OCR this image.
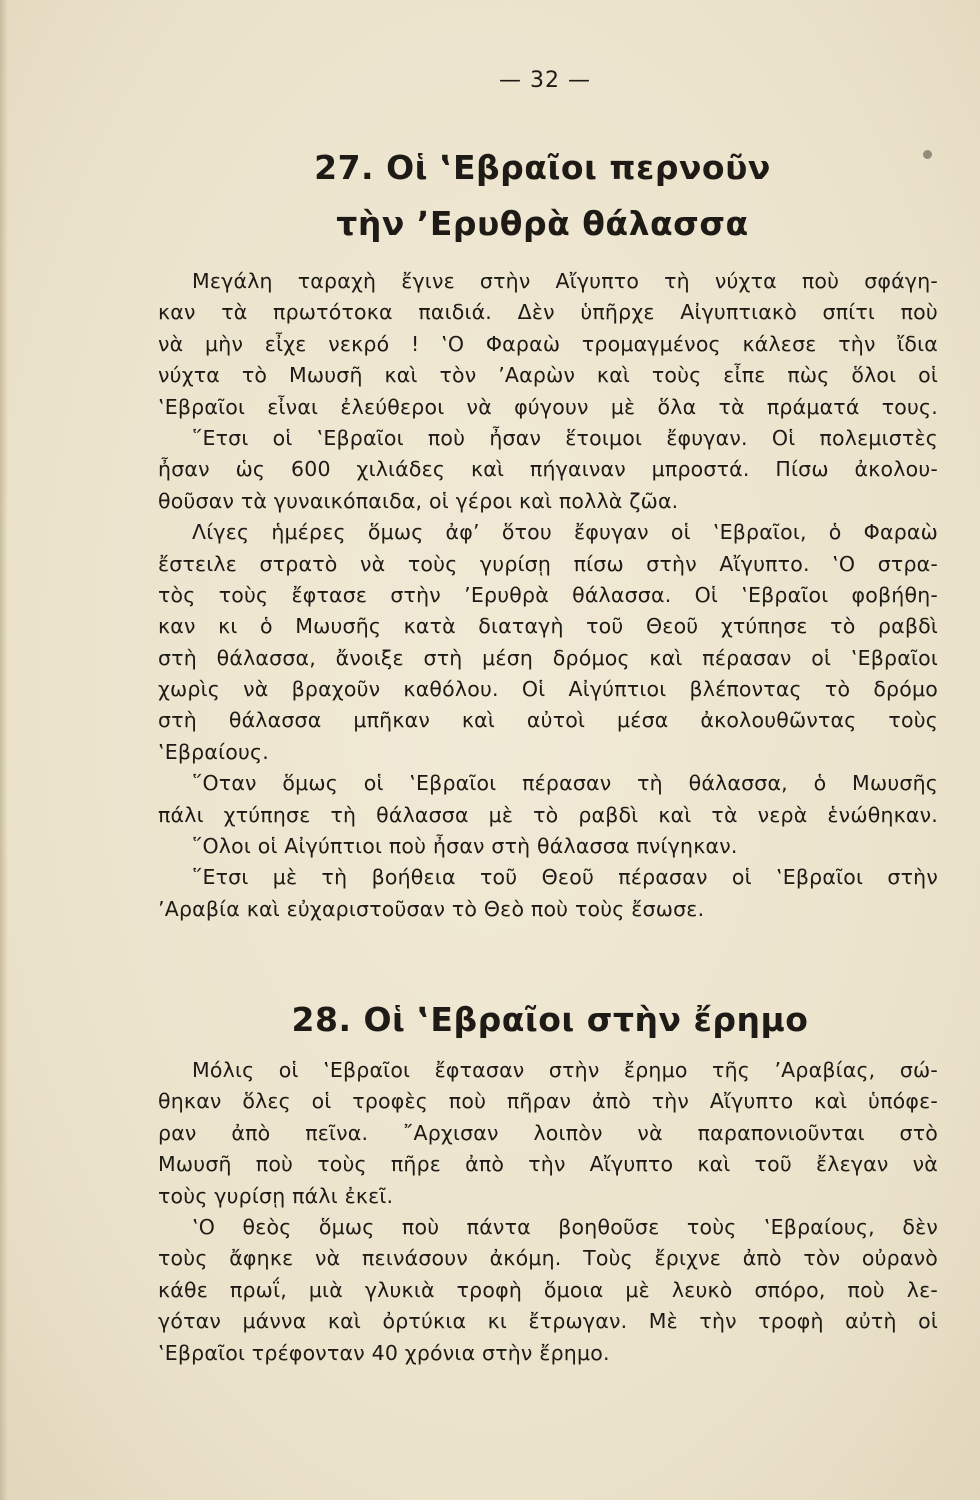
— 32 —
27. Οἱ ‛Εβραῖοι περνοῦν
τὴν ’Ερυθρὰ θάλασσα
Μεγάλη ταραχὴ ἔγινε στὴν Αἴγυπτο τὴ νύχτα ποὺ σφάγη-
καν τὰ πρωτότοκα παιδιά. Δὲν ὑπῆρχε Αἰγυπτιακὸ σπίτι ποὺ
νὰ μὴν εἶχε νεκρό ! ‛Ο Φαραὼ τρομαγμένος κάλεσε τὴν ἴδια
νύχτα τὸ Μωυσῆ καὶ τὸν ’Ααρὼν καὶ τοὺς εἶπε πὼς ὅλοι οἱ
‛Εβραῖοι εἶναι ἐλεύθεροι νὰ φύγουν μὲ ὅλα τὰ πράματά τους.
῞Ετσι οἱ ‛Εβραῖοι ποὺ ἦσαν ἕτοιμοι ἔφυγαν. Οἱ πολεμιστὲς
ἦσαν ὡς 600 χιλιάδες καὶ πήγαιναν μπροστά. Πίσω ἀκολου-
θοῦσαν τὰ γυναικόπαιδα, οἱ γέροι καὶ πολλὰ ζῶα.
Λίγες ἡμέρες ὅμως ἀφ’ ὅτου ἔφυγαν οἱ ‛Εβραῖοι, ὁ Φαραὼ
ἔστειλε στρατὸ νὰ τοὺς γυρίσῃ πίσω στὴν Αἴγυπτο. ‛Ο στρα-
τὸς τοὺς ἔφτασε στὴν ’Ερυθρὰ θάλασσα. Οἱ ‛Εβραῖοι φοβήθη-
καν κι ὁ Μωυσῆς κατὰ διαταγὴ τοῦ Θεοῦ χτύπησε τὸ ραβδὶ
στὴ θάλασσα, ἄνοιξε στὴ μέση δρόμος καὶ πέρασαν οἱ ‛Εβραῖοι
χωρὶς νὰ βραχοῦν καθόλου. Οἱ Αἰγύπτιοι βλέποντας τὸ δρόμο
στὴ θάλασσα μπῆκαν καὶ αὐτοὶ μέσα ἀκολουθῶντας τοὺς
‛Εβραίους.
῞Οταν ὅμως οἱ ‛Εβραῖοι πέρασαν τὴ θάλασσα, ὁ Μωυσῆς
πάλι χτύπησε τὴ θάλασσα μὲ τὸ ραβδὶ καὶ τὰ νερὰ ἑνώθηκαν.
῞Ολοι οἱ Αἰγύπτιοι ποὺ ἦσαν στὴ θάλασσα πνίγηκαν.
῞Ετσι μὲ τὴ βοήθεια τοῦ Θεοῦ πέρασαν οἱ ‛Εβραῖοι στὴν
’Αραβία καὶ εὐχαριστοῦσαν τὸ Θεὸ ποὺ τοὺς ἔσωσε.
28. Οἱ ‛Εβραῖοι στὴν ἔρημο
Μόλις οἱ ‛Εβραῖοι ἔφτασαν στὴν ἔρημο τῆς ’Αραβίας, σώ-
θηκαν ὅλες οἱ τροφὲς ποὺ πῆραν ἀπὸ τὴν Αἴγυπτο καὶ ὑπόφε-
ραν ἀπὸ πεῖνα. ῎Αρχισαν λοιπὸν νὰ παραπονιοῦνται στὸ
Μωυσῆ ποὺ τοὺς πῆρε ἀπὸ τὴν Αἴγυπτο καὶ τοῦ ἔλεγαν νὰ
τοὺς γυρίσῃ πάλι ἐκεῖ.
‛Ο θεὸς ὅμως ποὺ πάντα βοηθοῦσε τοὺς ‛Εβραίους, δὲν
τοὺς ἄφηκε νὰ πεινάσουν ἀκόμη. Τοὺς ἔριχνε ἀπὸ τὸν οὐρανὸ
κάθε πρωΐ, μιὰ γλυκιὰ τροφὴ ὅμοια μὲ λευκὸ σπόρο, ποὺ λε-
γόταν μάννα καὶ ὀρτύκια κι ἔτρωγαν. Μὲ τὴν τροφὴ αὐτὴ οἱ
‛Εβραῖοι τρέφονταν 40 χρόνια στὴν ἔρημο.
